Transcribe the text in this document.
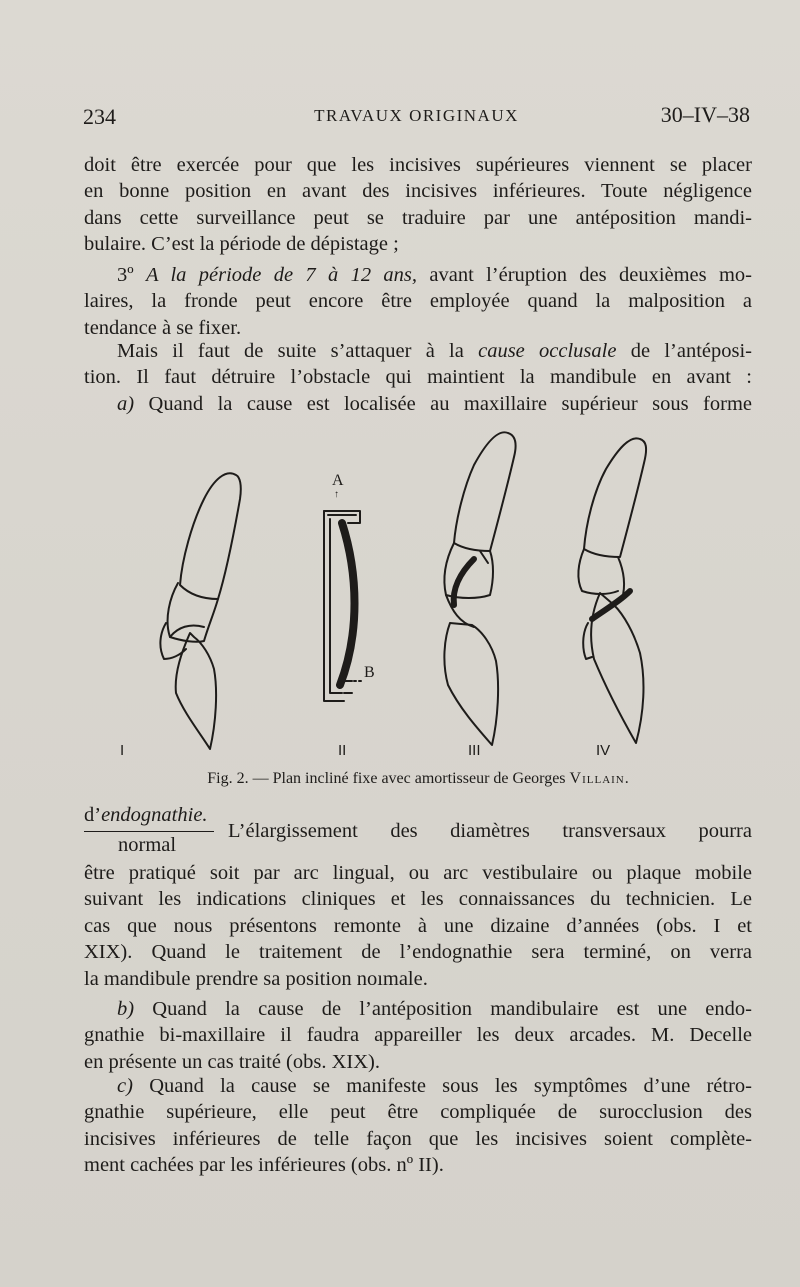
234	TRAVAUX ORIGINAUX	30–IV–38
doit être exercée pour que les incisives supérieures viennent se placer
en bonne position en avant des incisives inférieures. Toute négligence
dans cette surveillance peut se traduire par une antéposition mandi-
bulaire. C’est la période de dépistage ;
3º A la période de 7 à 12 ans, avant l’éruption des deuxièmes mo-
laires, la fronde peut encore être employée quand la malposition a
tendance à se fixer.
Mais il faut de suite s’attaquer à la cause occlusale de l’antéposi-
tion. Il faut détruire l’obstacle qui maintient la mandibule en avant :
a) Quand la cause est localisée au maxillaire supérieur sous forme
A
↑
B
I	II	III	IV
Fig. 2. — Plan incliné fixe avec amortisseur de Georges Villain.
d’endognathie.
normal
L’élargissement des diamètres transversaux pourra
être pratiqué soit par arc lingual, ou arc vestibulaire ou plaque mobile
suivant les indications cliniques et les connaissances du technicien. Le
cas que nous présentons remonte à une dizaine d’années (obs. I et
XIX). Quand le traitement de l’endognathie sera terminé, on verra
la mandibule prendre sa position noımale.
b) Quand la cause de l’antéposition mandibulaire est une endo-
gnathie bi-maxillaire il faudra appareiller les deux arcades. M. Decelle
en présente un cas traité (obs. XIX).
c) Quand la cause se manifeste sous les symptômes d’une rétro-
gnathie supérieure, elle peut être compliquée de surocclusion des
incisives inférieures de telle façon que les incisives soient complète-
ment cachées par les inférieures (obs. nº II).
